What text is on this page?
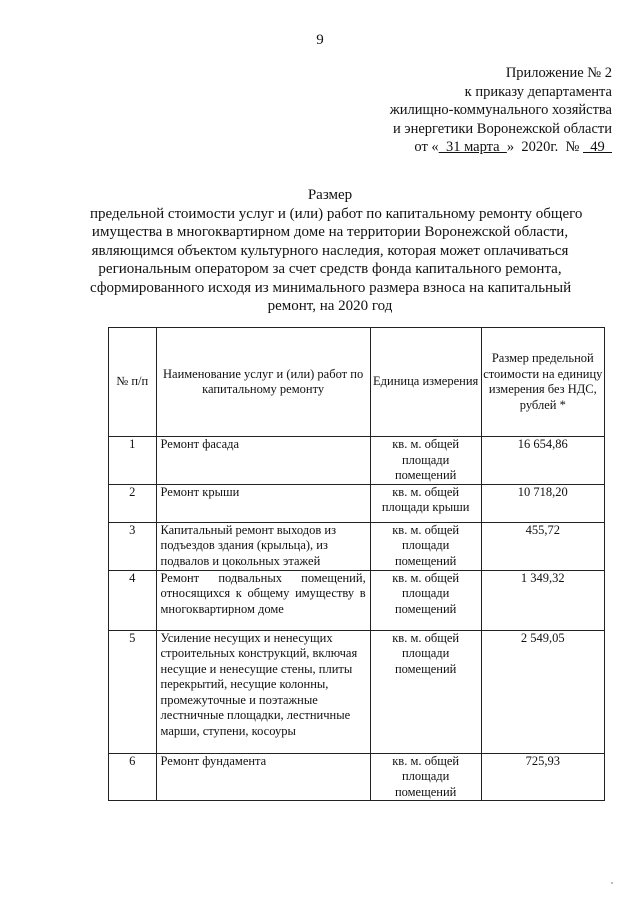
9
Приложение № 2
к приказу департамента
жилищно-коммунального хозяйства
и энергетики Воронежской области
от «  31 марта  »  2020г.  №   49
Размер
предельной стоимости услуг и (или) работ по капитальному ремонту общего
имущества в многоквартирном доме на территории Воронежской области,
являющимся объектом культурного наследия, которая может оплачиваться
региональным оператором за счет средств фонда капитального ремонта,
сформированного исходя из минимального размера взноса на капитальный
ремонт, на 2020 год
№ п/п	Наименование услуг и (или) работ по капитальному ремонту	Единица измерения	Размер предельной стоимости на единицу измерения без НДС, рублей *
1	Ремонт фасада	кв. м. общей площади помещений	16 654,86
2	Ремонт крыши	кв. м. общей площади крыши	10 718,20
3	Капитальный ремонт выходов из подъездов здания (крыльца), из подвалов и цокольных этажей	кв. м. общей площади помещений	455,72
4	Ремонт подвальных помещений, относящихся к общему имуществу в многоквартирном доме	кв. м. общей площади помещений	1 349,32
5	Усиление несущих и ненесущих строительных конструкций, включая несущие и ненесущие стены, плиты перекрытий, несущие колонны, промежуточные и поэтажные лестничные площадки, лестничные марши, ступени, косоуры	кв. м. общей площади помещений	2 549,05
6	Ремонт фундамента	кв. м. общей площади помещений	725,93
